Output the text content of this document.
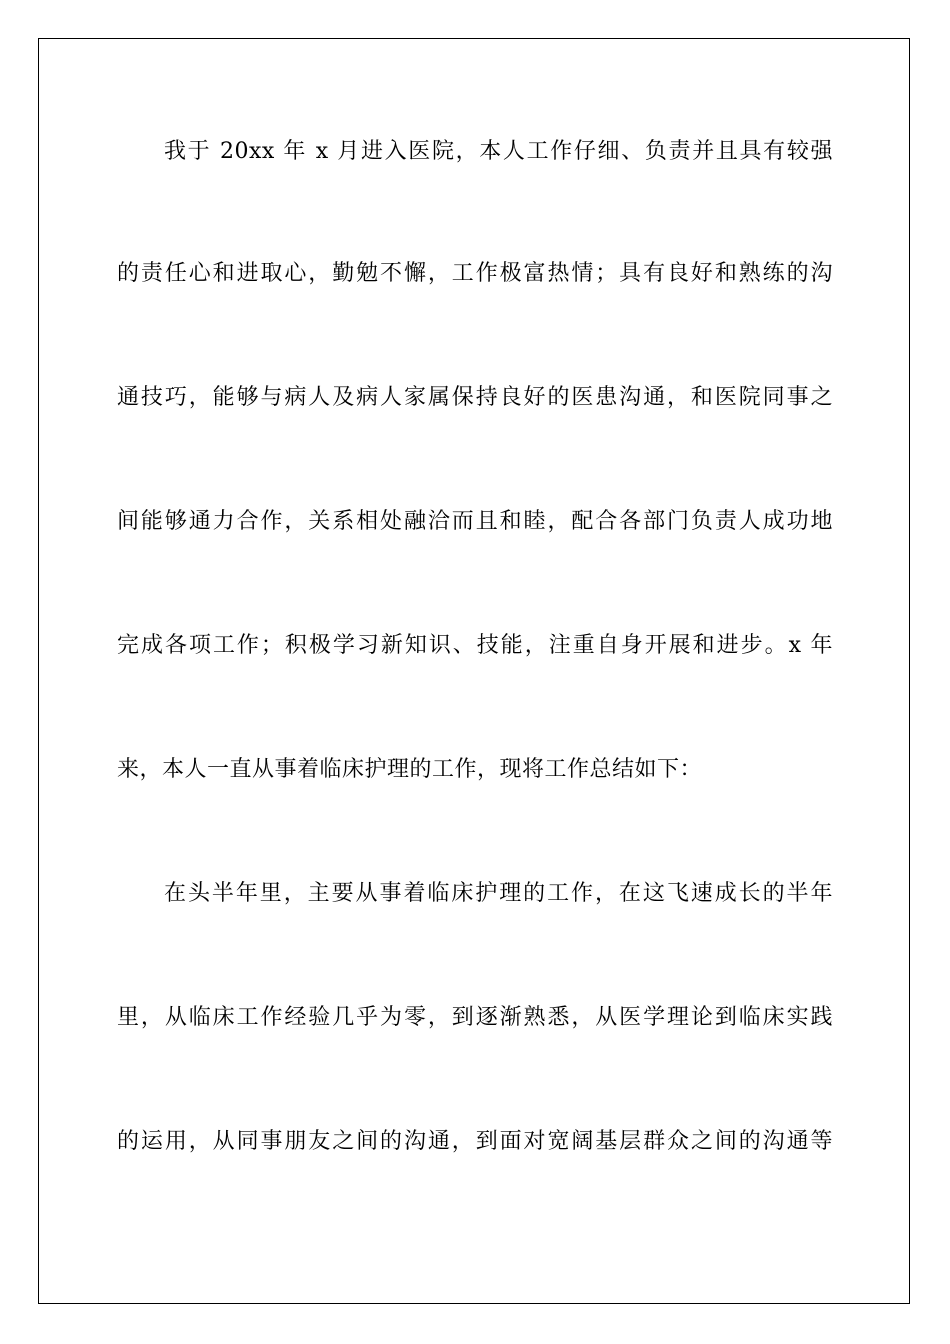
我于 20xx 年 x 月进入医院，本人工作仔细、负责并且具有较强

的责任心和进取心，勤勉不懈，工作极富热情；具有良好和熟练的沟

通技巧，能够与病人及病人家属保持良好的医患沟通，和医院同事之

间能够通力合作，关系相处融洽而且和睦，配合各部门负责人成功地

完成各项工作；积极学习新知识、技能，注重自身开展和进步。x 年

来，本人一直从事着临床护理的工作，现将工作总结如下：

在头半年里，主要从事着临床护理的工作，在这飞速成长的半年

里，从临床工作经验几乎为零，到逐渐熟悉，从医学理论到临床实践

的运用，从同事朋友之间的沟通，到面对宽阔基层群众之间的沟通等
